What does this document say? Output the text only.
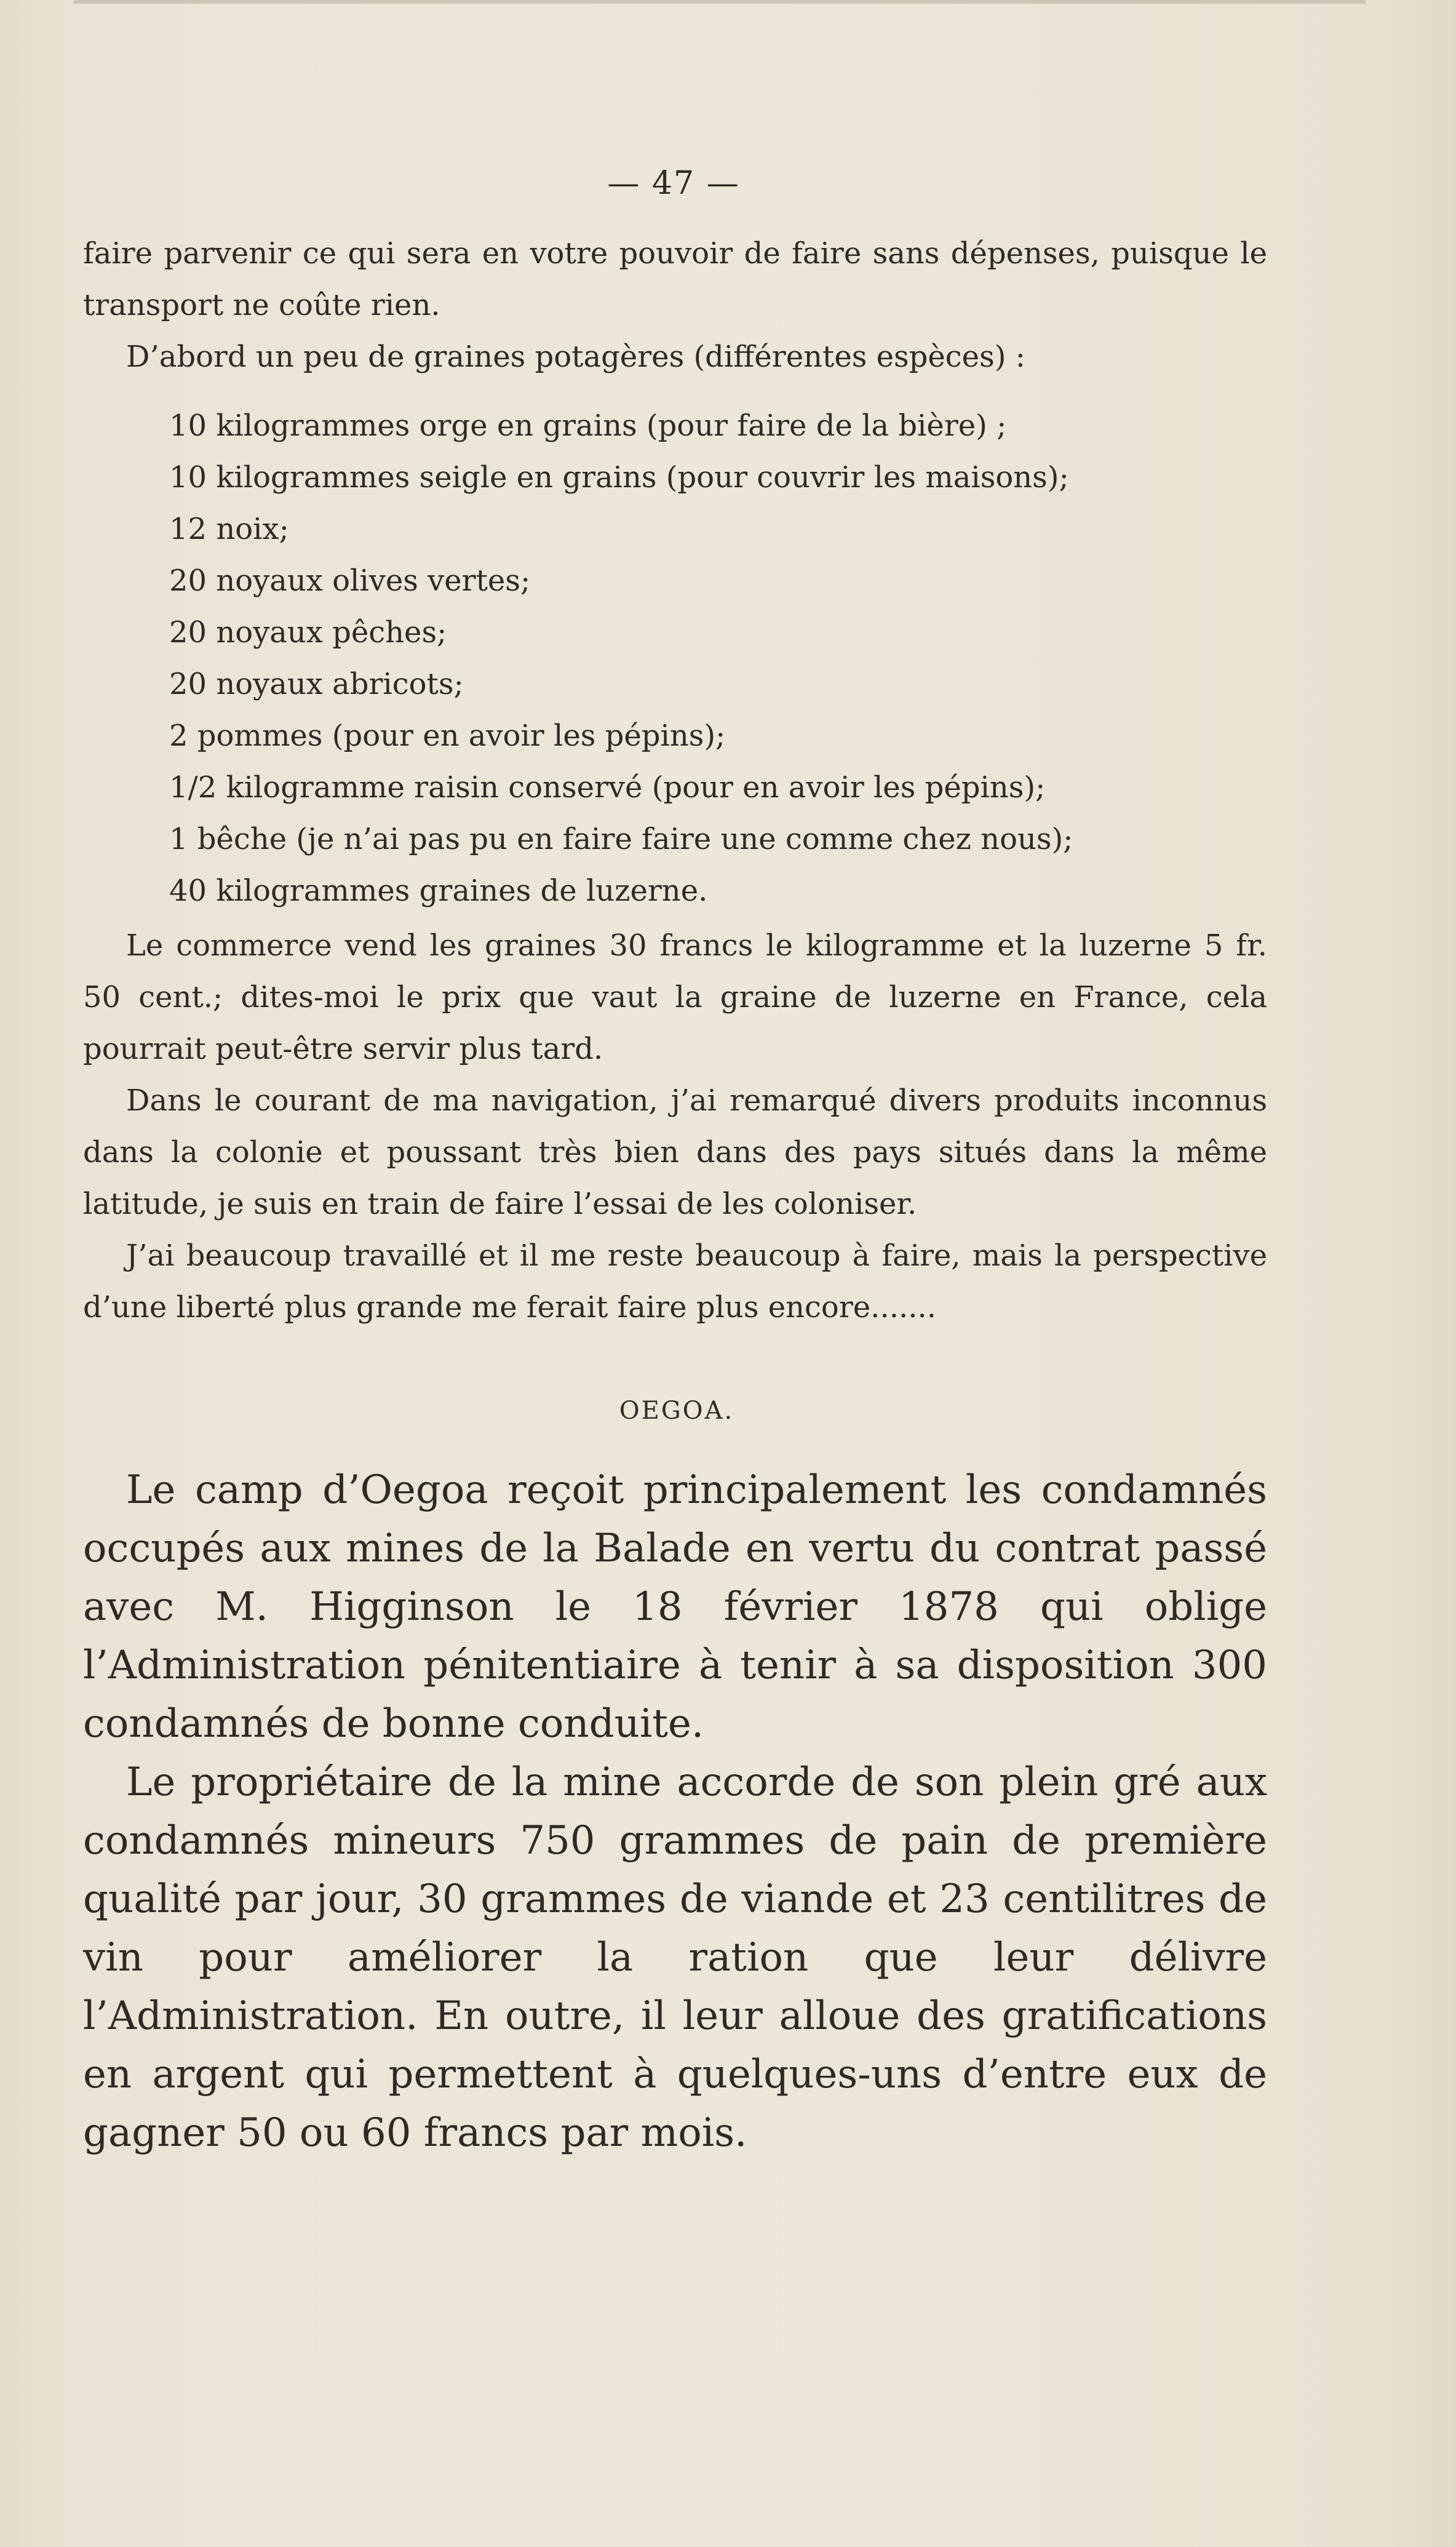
— 47 —

faire parvenir ce qui sera en votre pouvoir de faire sans dépenses, puisque le transport ne coûte rien.

D’abord un peu de graines potagères (différentes espèces) :

10 kilogrammes orge en grains (pour faire de la bière) ;
10 kilogrammes seigle en grains (pour couvrir les maisons);
12 noix;
20 noyaux olives vertes;
20 noyaux pêches;
20 noyaux abricots;
2 pommes (pour en avoir les pépins);
1/2 kilogramme raisin conservé (pour en avoir les pépins);
1 bêche (je n’ai pas pu en faire faire une comme chez nous);
40 kilogrammes graines de luzerne.

Le commerce vend les graines 30 francs le kilogramme et la luzerne 5 fr. 50 cent.; dites-moi le prix que vaut la graine de luzerne en France, cela pourrait peut-être servir plus tard.

Dans le courant de ma navigation, j’ai remarqué divers produits inconnus dans la colonie et poussant très bien dans des pays situés dans la même latitude, je suis en train de faire l’essai de les coloniser.

J’ai beaucoup travaillé et il me reste beaucoup à faire, mais la perspective d’une liberté plus grande me ferait faire plus encore.......

OEGOA.

Le camp d’Oegoa reçoit principalement les condamnés occupés aux mines de la Balade en vertu du contrat passé avec M. Higginson le 18 février 1878 qui oblige l’Administration pénitentiaire à tenir à sa disposition 300 condamnés de bonne conduite.

Le propriétaire de la mine accorde de son plein gré aux condamnés mineurs 750 grammes de pain de première qualité par jour, 30 grammes de viande et 23 centilitres de vin pour améliorer la ration que leur délivre l’Administration. En outre, il leur alloue des gratifications en argent qui permettent à quelques-uns d’entre eux de gagner 50 ou 60 francs par mois.
